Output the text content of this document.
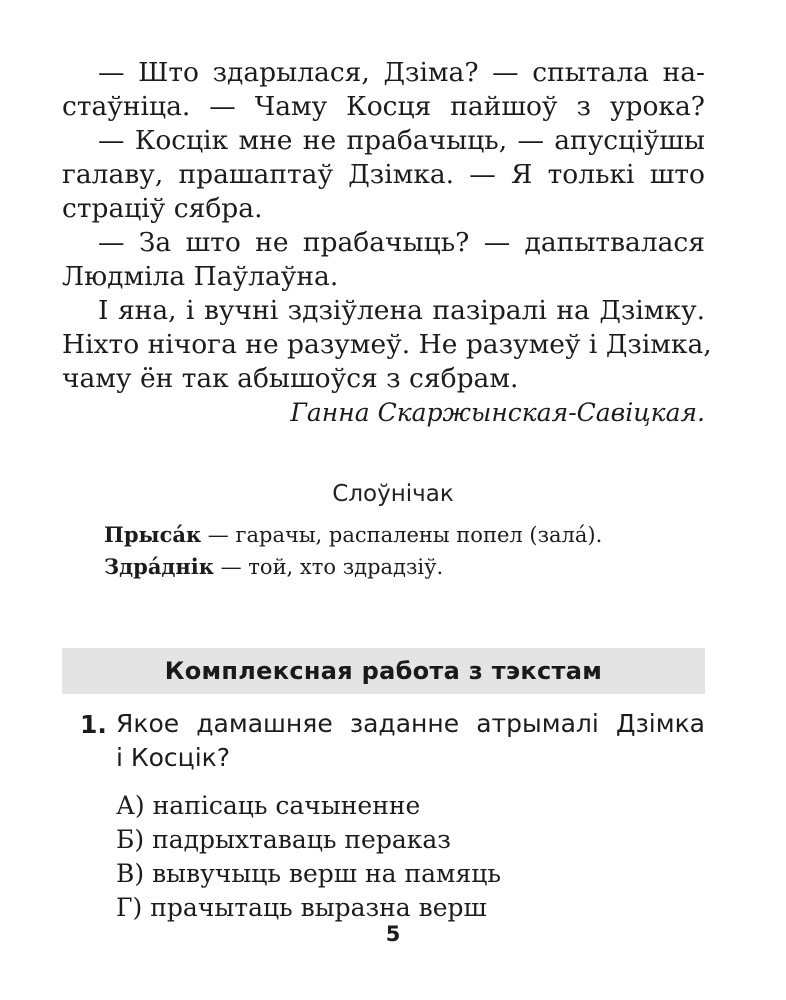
— Што здарылася, Дзіма? — спытала на-
стаўніца. — Чаму Косця пайшоў з урока?
— Косцік мне не прабачыць, — апусціўшы
галаву, прашаптаў Дзімка. — Я толькі што
страціў сябра.
— За што не прабачыць? — дапытвалася
Людміла Паўлаўна.
І яна, і вучні здзіўлена пазіралі на Дзімку.
Ніхто нічога не разумеў. Не разумеў і Дзімка,
чаму ён так абышоўся з сябрам.
Ганна Скаржынская-Савіцкая.
Слоўнічак
Прыса́к — гарачы, распалены попел (зала́).
Здра́днік — той, хто здрадзіў.
Комплексная работа з тэкстам
1. Якое дамашняе заданне атрымалі Дзімка
і Косцік?
А) напісаць сачыненне
Б) падрыхтаваць пераказ
В) вывучыць верш на памяць
Г) прачытаць выразна верш
5
